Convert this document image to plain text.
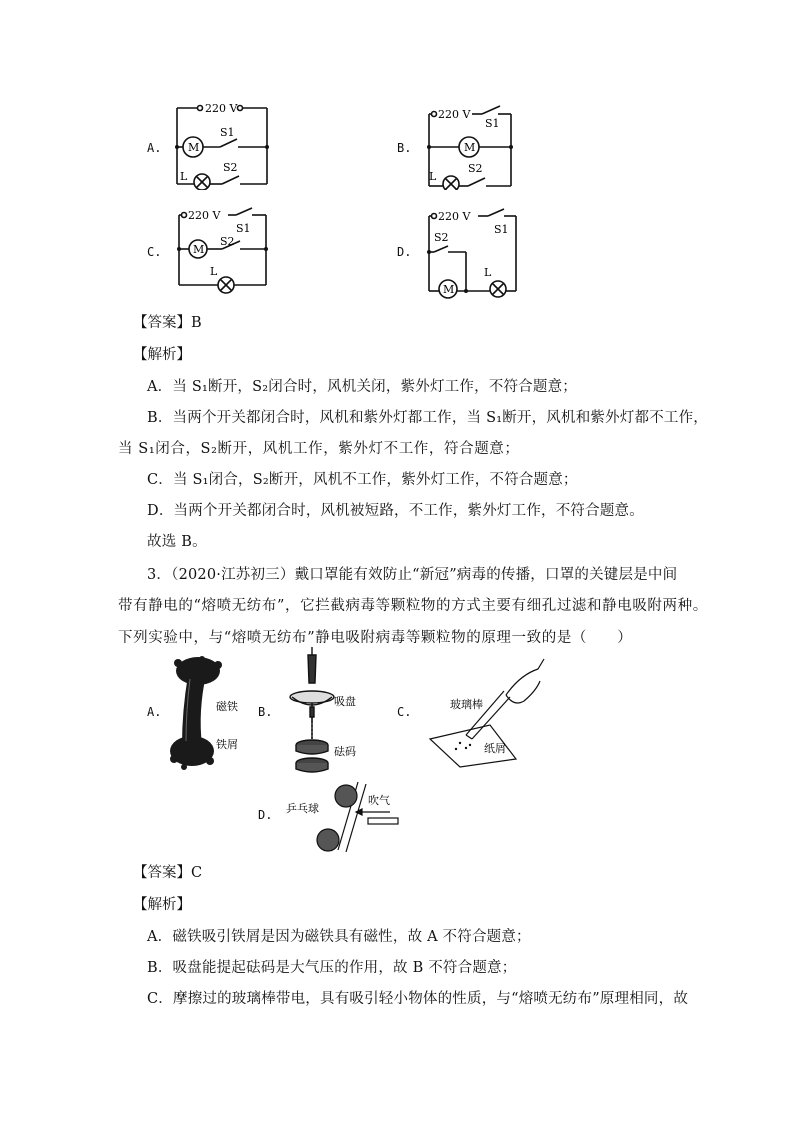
A.	B.
C.	D.
220 V
M
S1
L
S2
220 V
M
S1
L
S2
220 V
M
S1
S2
L
220 V
S1
S2
M
L
【答案】B
【解析】
A．当 S₁断开，S₂闭合时，风机关闭，紫外灯工作，不符合题意；
B．当两个开关都闭合时，风机和紫外灯都工作，当 S₁断开，风机和紫外灯都不工作，
当 S₁闭合，S₂断开，风机工作，紫外灯不工作，符合题意；
C．当 S₁闭合，S₂断开，风机不工作，紫外灯工作，不符合题意；
D．当两个开关都闭合时，风机被短路，不工作，紫外灯工作，不符合题意。
故选 B。
3．（2020·江苏初三）戴口罩能有效防止“新冠”病毒的传播，口罩的关键层是中间
带有静电的“熔喷无纺布”，它拦截病毒等颗粒物的方式主要有细孔过滤和静电吸附两种。
下列实验中，与“熔喷无纺布”静电吸附病毒等颗粒物的原理一致的是（　　）
A.	B.	C.
D.
磁铁
铁屑
吸盘
砝码
玻璃棒
纸屑
乒乓球
吹气
【答案】C
【解析】
A．磁铁吸引铁屑是因为磁铁具有磁性，故 A 不符合题意；
B．吸盘能提起砝码是大气压的作用，故 B 不符合题意；
C．摩擦过的玻璃棒带电，具有吸引轻小物体的性质，与“熔喷无纺布”原理相同，故
